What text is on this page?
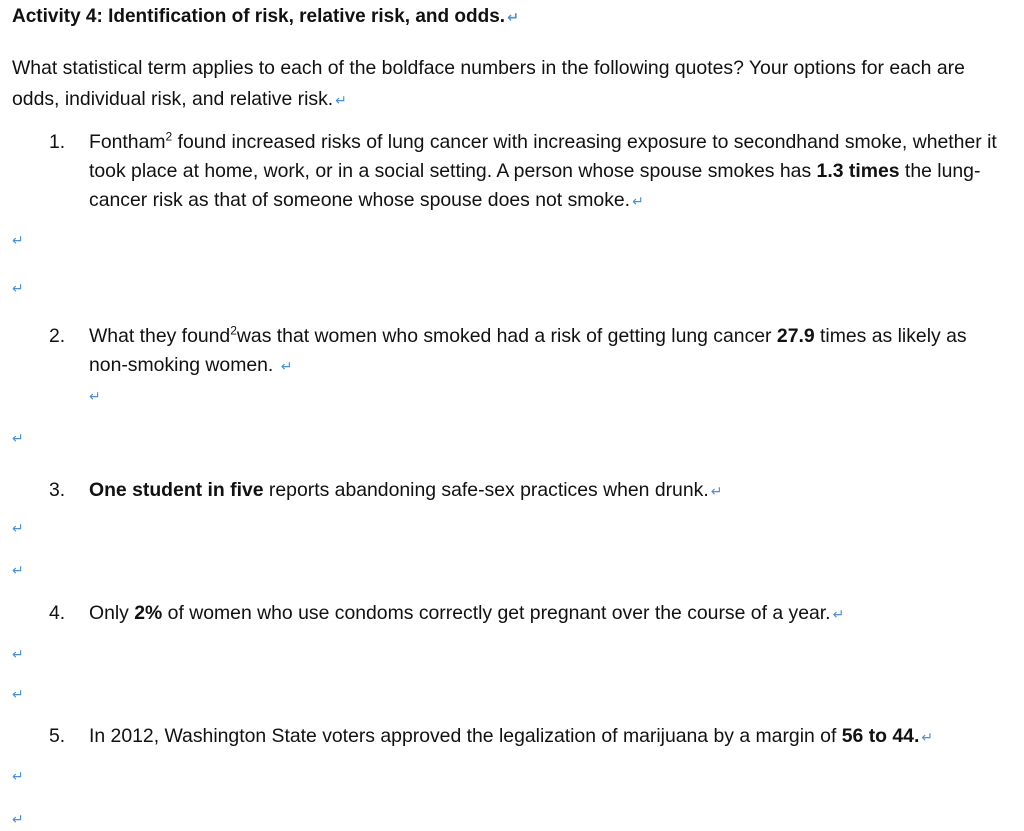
Activity 4: Identification of risk, relative risk, and odds. ↵
What statistical term applies to each of the boldface numbers in the following quotes? Your options for each are odds, individual risk, and relative risk. ↵
1. Fontham$^2$ found increased risks of lung cancer with increasing exposure to secondhand smoke, whether it took place at home, work, or in a social setting. A person whose spouse smokes has 1.3 times the lung-cancer risk as that of someone whose spouse does not smoke. ↵
↵
↵
2. What they found$^2$was that women who smoked had a risk of getting lung cancer 27.9 times as likely as non-smoking women. ↵
↵
↵
3. One student in five reports abandoning safe-sex practices when drunk. ↵
↵
↵
4. Only 2% of women who use condoms correctly get pregnant over the course of a year. ↵
↵
↵
5. In 2012, Washington State voters approved the legalization of marijuana by a margin of 56 to 44. ↵
↵
↵
